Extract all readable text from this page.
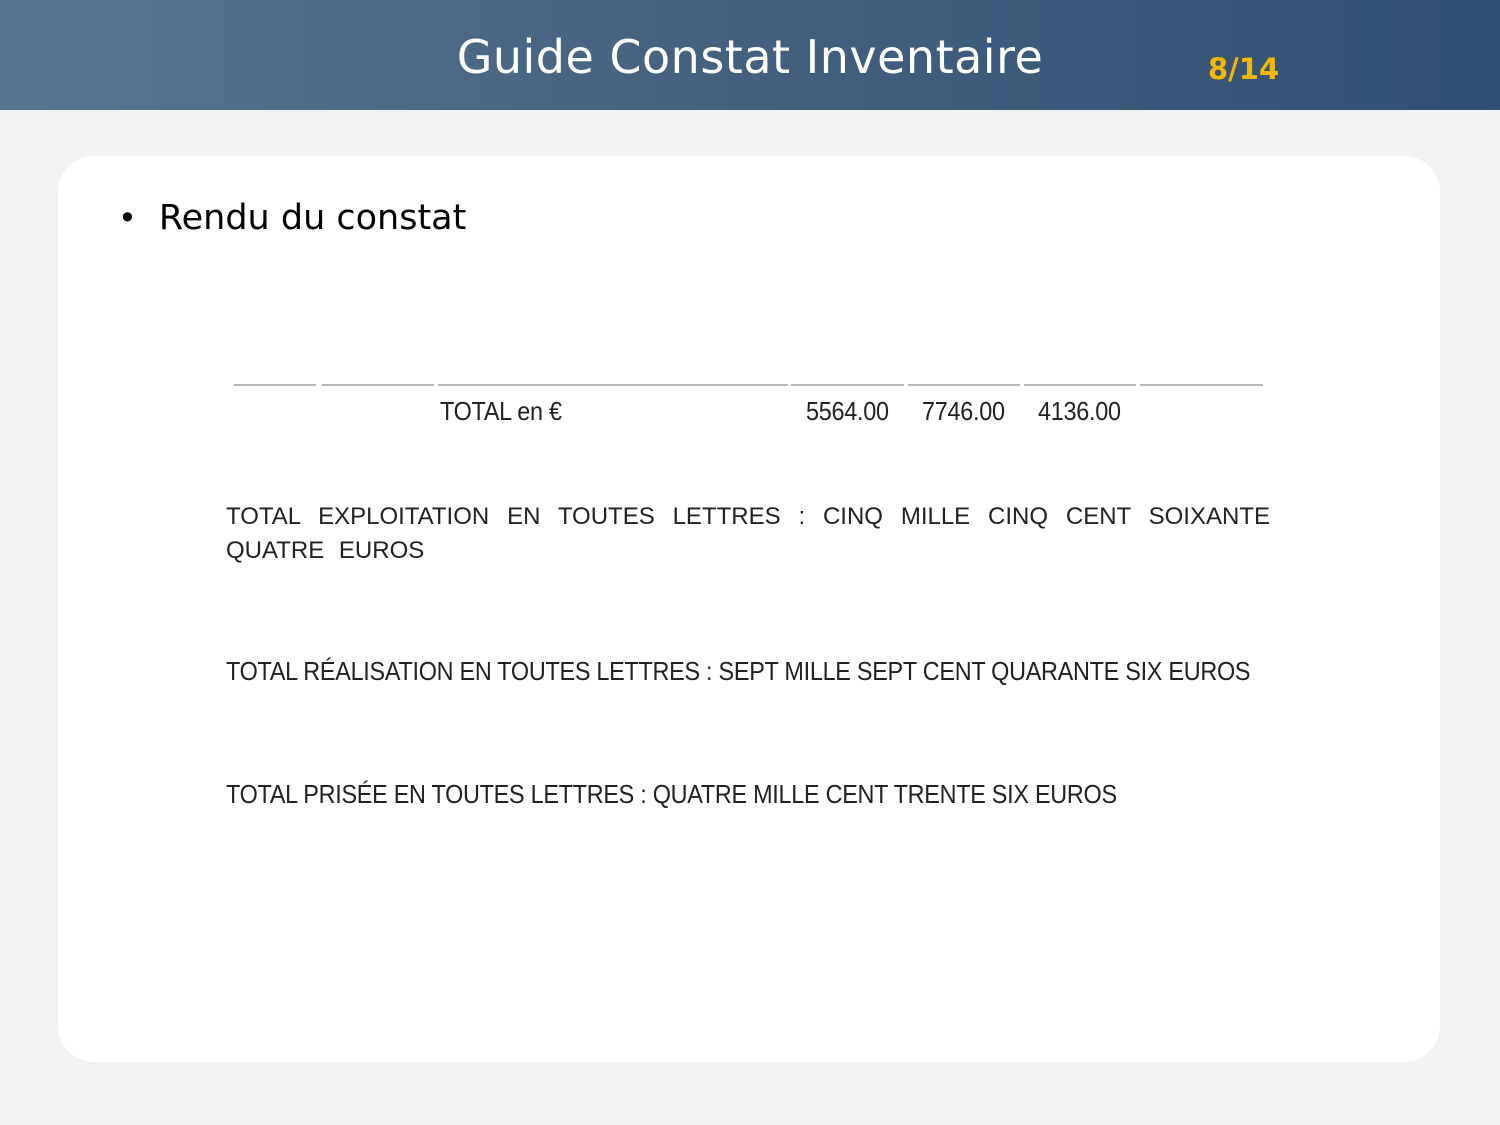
Guide Constat Inventaire	8/14
• Rendu du constat
TOTAL en €	5564.00 7746.00 4136.00
TOTAL EXPLOITATION EN TOUTES LETTRES : CINQ MILLE CINQ CENT SOIXANTE QUATRE EUROS
TOTAL RÉALISATION EN TOUTES LETTRES : SEPT MILLE SEPT CENT QUARANTE SIX EUROS
TOTAL PRISÉE EN TOUTES LETTRES : QUATRE MILLE CENT TRENTE SIX EUROS
